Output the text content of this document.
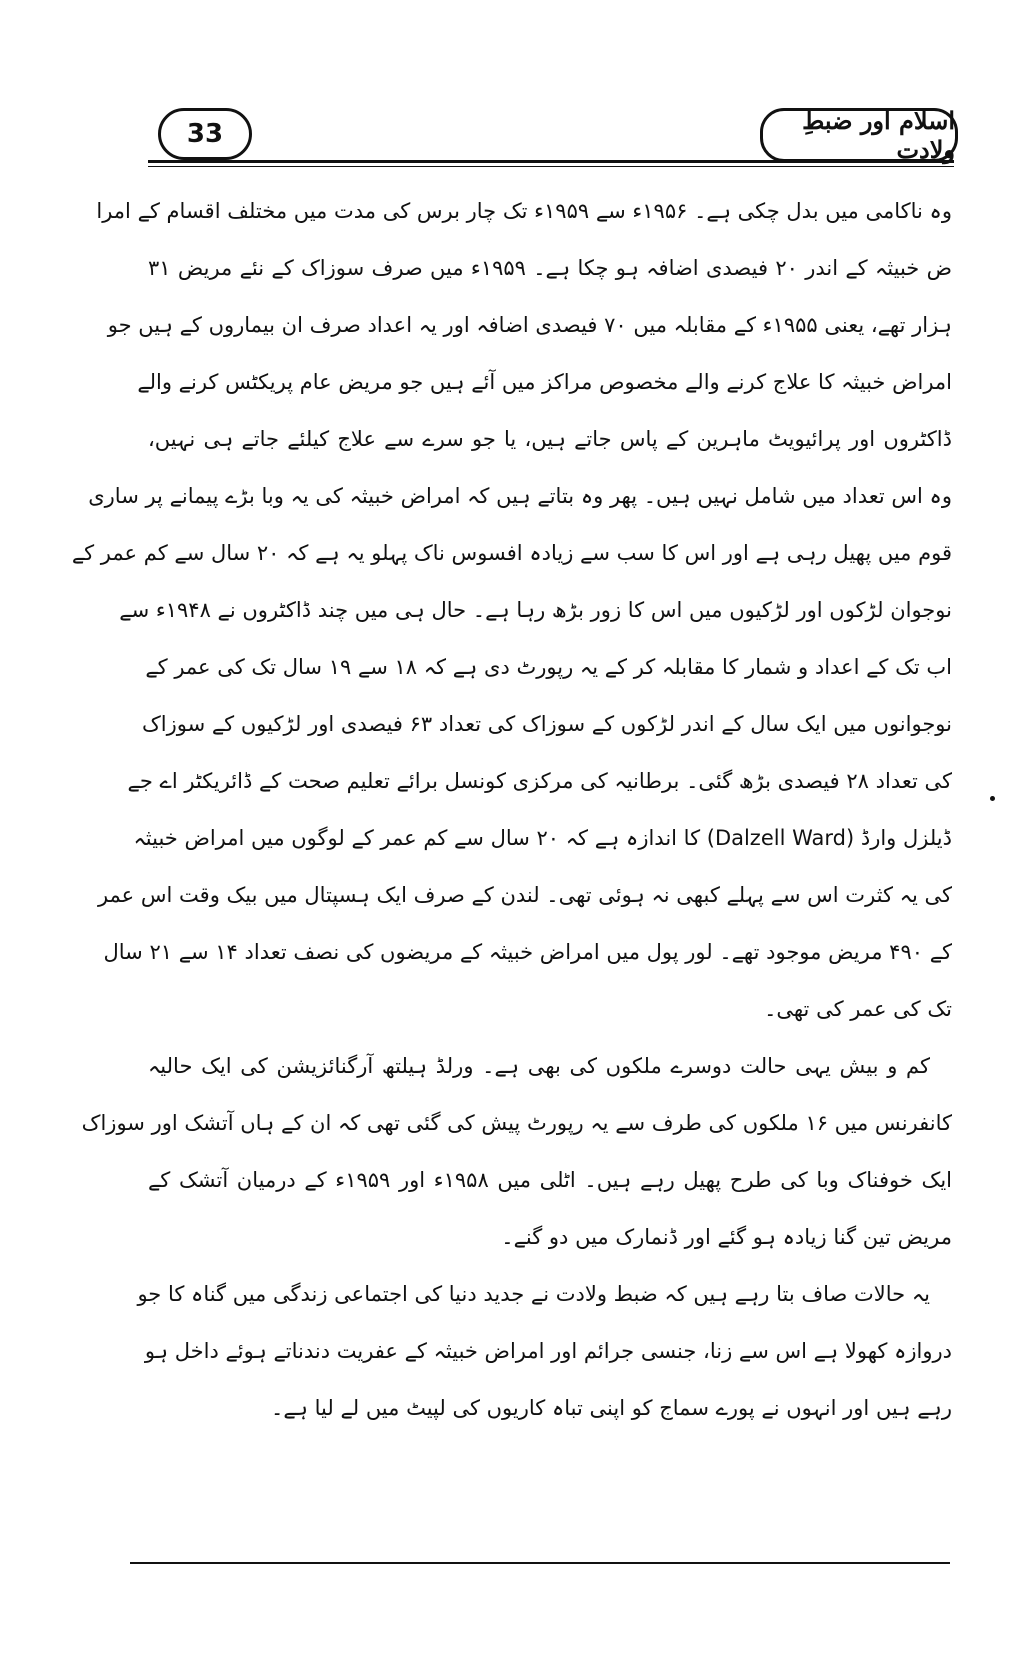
33	اسلام اور ضبطِ ولادت
وہ ناکامی میں بدل چکی ہے۔ ۱۹۵۶ء سے ۱۹۵۹ء تک چار برس کی مدت میں مختلف اقسام کے امرا
ض خبیثہ کے اندر ۲۰ فیصدی اضافہ ہو چکا ہے۔ ۱۹۵۹ء میں صرف سوزاک کے نئے مریض ۳۱
ہزار تھے، یعنی ۱۹۵۵ء کے مقابلہ میں ۷۰ فیصدی اضافہ اور یہ اعداد صرف ان بیماروں کے ہیں جو
امراض خبیثہ کا علاج کرنے والے مخصوص مراکز میں آئے ہیں جو مریض عام پریکٹس کرنے والے
ڈاکٹروں اور پرائیویٹ ماہرین کے پاس جاتے ہیں، یا جو سرے سے علاج کیلئے جاتے ہی نہیں،
وہ اس تعداد میں شامل نہیں ہیں۔ پھر وہ بتاتے ہیں کہ امراض خبیثہ کی یہ وبا بڑے پیمانے پر ساری
قوم میں پھیل رہی ہے اور اس کا سب سے زیادہ افسوس ناک پہلو یہ ہے کہ ۲۰ سال سے کم عمر کے
نوجوان لڑکوں اور لڑکیوں میں اس کا زور بڑھ رہا ہے۔ حال ہی میں چند ڈاکٹروں نے ۱۹۴۸ء سے
اب تک کے اعداد و شمار کا مقابلہ کر کے یہ رپورٹ دی ہے کہ ۱۸ سے ۱۹ سال تک کی عمر کے
نوجوانوں میں ایک سال کے اندر لڑکوں کے سوزاک کی تعداد ۶۳ فیصدی اور لڑکیوں کے سوزاک
کی تعداد ۲۸ فیصدی بڑھ گئی۔ برطانیہ کی مرکزی کونسل برائے تعلیم صحت کے ڈائریکٹر اے جے
ڈیلزل وارڈ (Dalzell Ward) کا اندازہ ہے کہ ۲۰ سال سے کم عمر کے لوگوں میں امراض خبیثہ
کی یہ کثرت اس سے پہلے کبھی نہ ہوئی تھی۔ لندن کے صرف ایک ہسپتال میں بیک وقت اس عمر
کے ۴۹۰ مریض موجود تھے۔ لور پول میں امراض خبیثہ کے مریضوں کی نصف تعداد ۱۴ سے ۲۱ سال
تک کی عمر کی تھی۔
کم و بیش یہی حالت دوسرے ملکوں کی بھی ہے۔ ورلڈ ہیلتھ آرگنائزیشن کی ایک حالیہ
کانفرنس میں ۱۶ ملکوں کی طرف سے یہ رپورٹ پیش کی گئی تھی کہ ان کے ہاں آتشک اور سوزاک
ایک خوفناک وبا کی طرح پھیل رہے ہیں۔ اٹلی میں ۱۹۵۸ء اور ۱۹۵۹ء کے درمیان آتشک کے
مریض تین گنا زیادہ ہو گئے اور ڈنمارک میں دو گنے۔
یہ حالات صاف بتا رہے ہیں کہ ضبط ولادت نے جدید دنیا کی اجتماعی زندگی میں گناہ کا جو
دروازہ کھولا ہے اس سے زنا، جنسی جرائم اور امراض خبیثہ کے عفریت دندناتے ہوئے داخل ہو
رہے ہیں اور انہوں نے پورے سماج کو اپنی تباہ کاریوں کی لپیٹ میں لے لیا ہے۔
